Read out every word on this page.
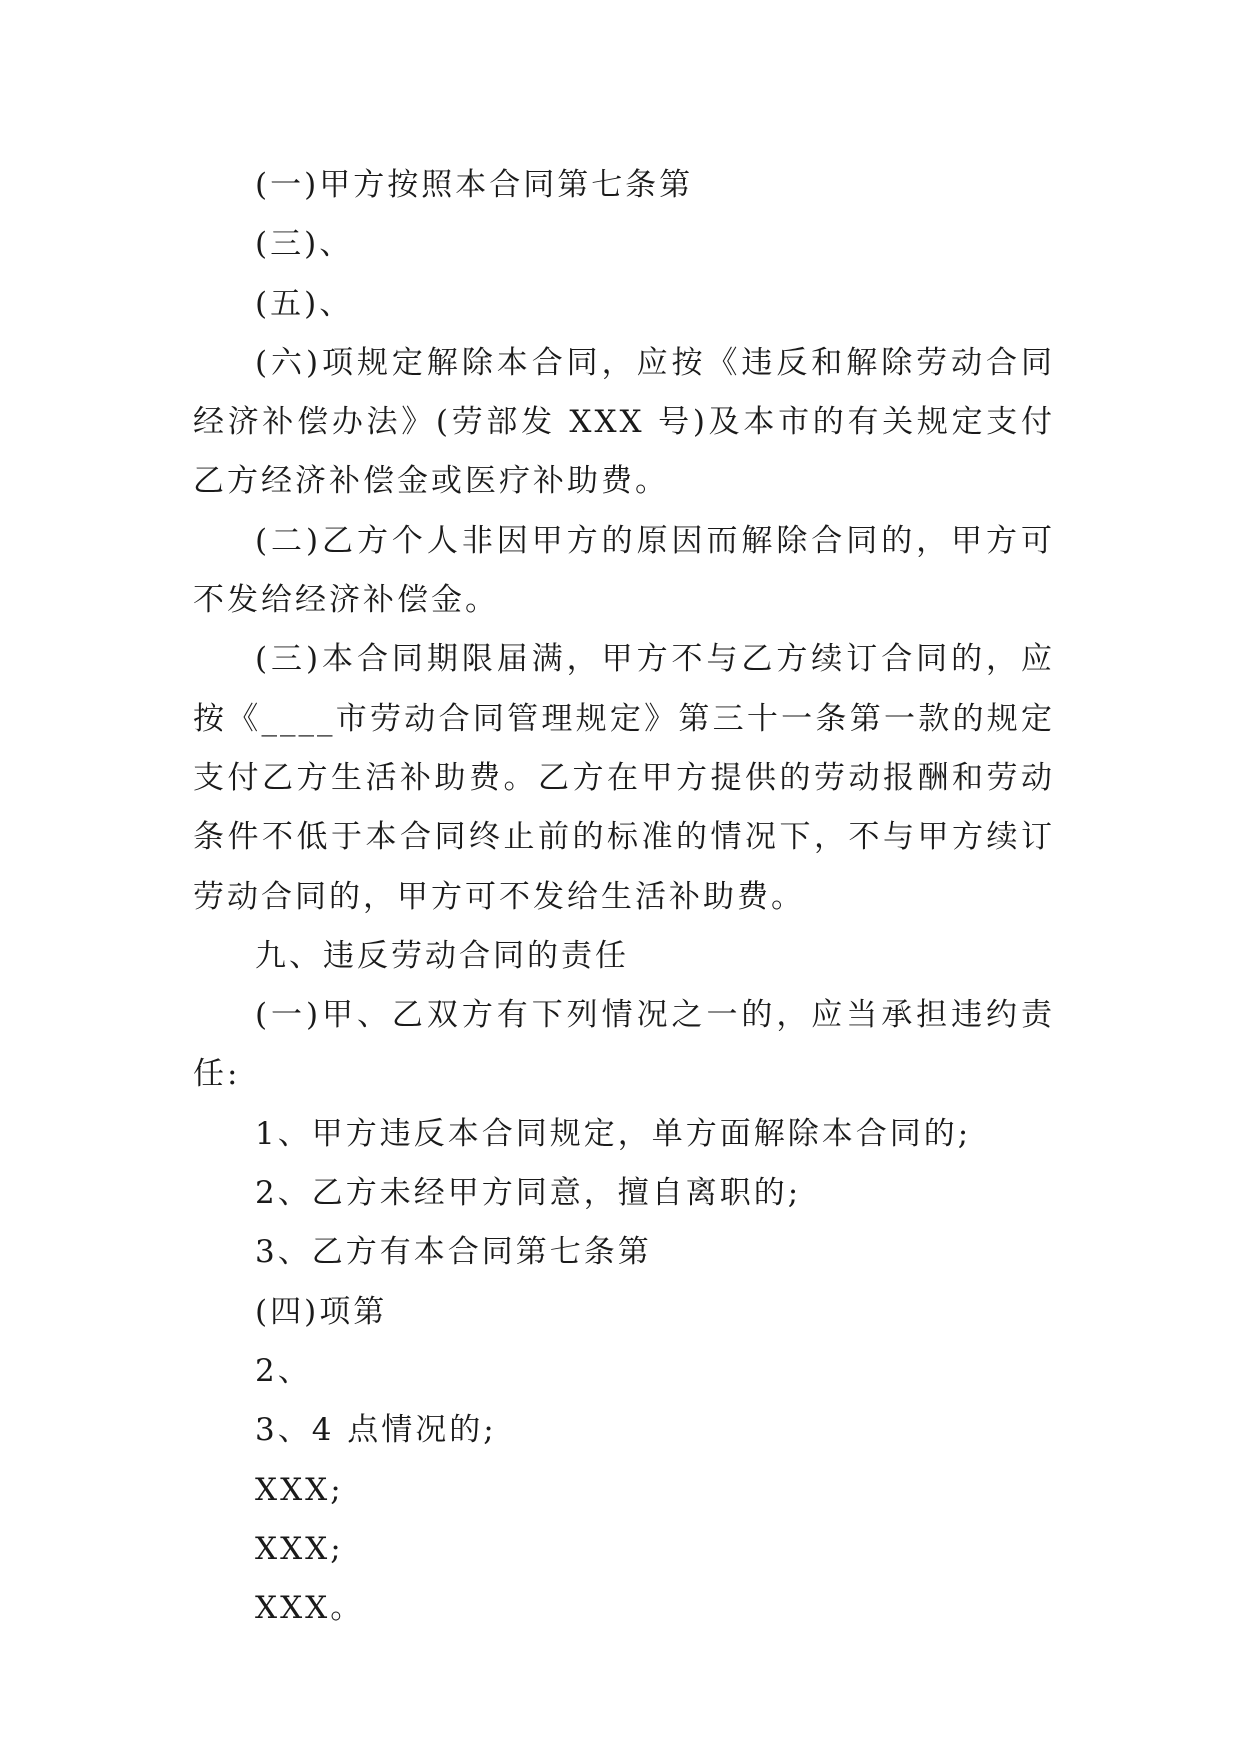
(一)甲方按照本合同第七条第

(三)、

(五)、

(六)项规定解除本合同，应按《违反和解除劳动合同经济补偿办法》(劳部发 XXX 号)及本市的有关规定支付乙方经济补偿金或医疗补助费。

(二)乙方个人非因甲方的原因而解除合同的，甲方可不发给经济补偿金。

(三)本合同期限届满，甲方不与乙方续订合同的，应按《____市劳动合同管理规定》第三十一条第一款的规定支付乙方生活补助费。乙方在甲方提供的劳动报酬和劳动条件不低于本合同终止前的标准的情况下，不与甲方续订劳动合同的，甲方可不发给生活补助费。

九、违反劳动合同的责任

(一)甲、乙双方有下列情况之一的，应当承担违约责任:

1、甲方违反本合同规定，单方面解除本合同的;

2、乙方未经甲方同意，擅自离职的;

3、乙方有本合同第七条第

(四)项第

2、

3、4 点情况的;

XXX;

XXX;

XXX。
